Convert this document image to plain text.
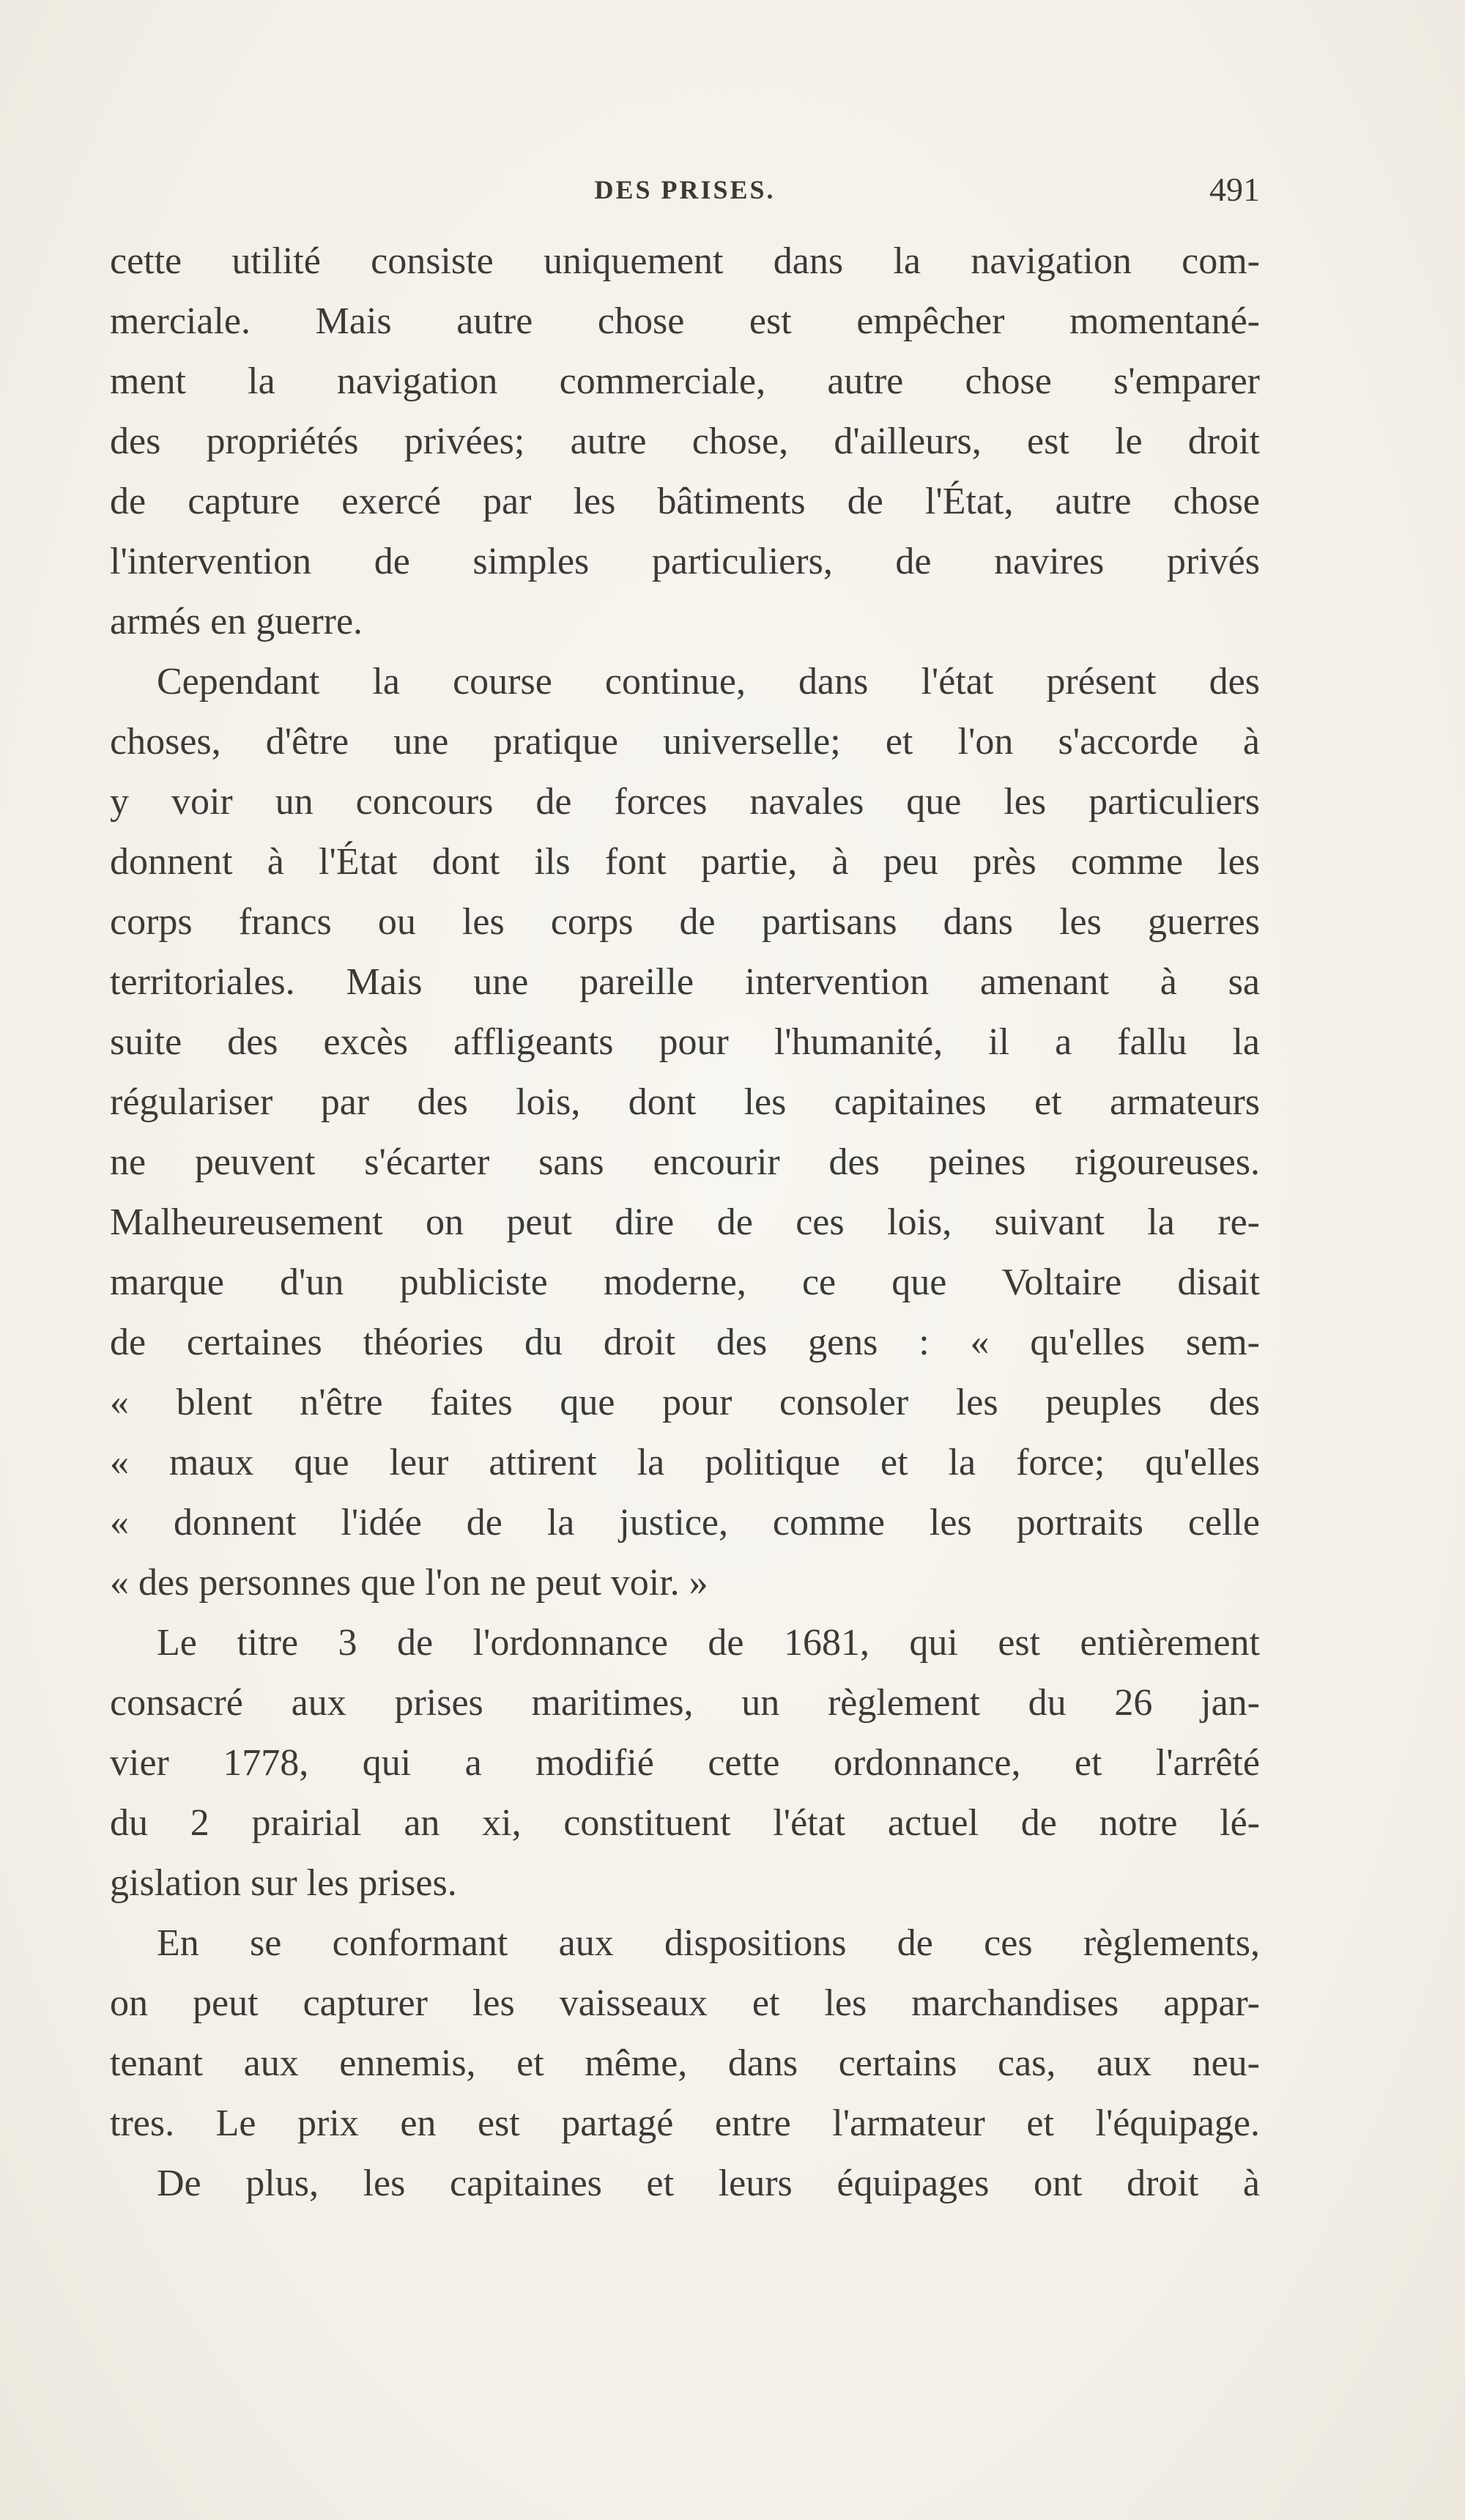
DES PRISES.	491
cette utilité consiste uniquement dans la navigation com-
merciale. Mais autre chose est empêcher momentané-
ment la navigation commerciale, autre chose s'emparer
des propriétés privées; autre chose, d'ailleurs, est le droit
de capture exercé par les bâtiments de l'État, autre chose
l'intervention de simples particuliers, de navires privés
armés en guerre.
Cependant la course continue, dans l'état présent des
choses, d'être une pratique universelle; et l'on s'accorde à
y voir un concours de forces navales que les particuliers
donnent à l'État dont ils font partie, à peu près comme les
corps francs ou les corps de partisans dans les guerres
territoriales. Mais une pareille intervention amenant à sa
suite des excès affligeants pour l'humanité, il a fallu la
régulariser par des lois, dont les capitaines et armateurs
ne peuvent s'écarter sans encourir des peines rigoureuses.
Malheureusement on peut dire de ces lois, suivant la re-
marque d'un publiciste moderne, ce que Voltaire disait
de certaines théories du droit des gens : « qu'elles sem-
« blent n'être faites que pour consoler les peuples des
« maux que leur attirent la politique et la force; qu'elles
« donnent l'idée de la justice, comme les portraits celle
« des personnes que l'on ne peut voir. »
Le titre 3 de l'ordonnance de 1681, qui est entièrement
consacré aux prises maritimes, un règlement du 26 jan-
vier 1778, qui a modifié cette ordonnance, et l'arrêté
du 2 prairial an xi, constituent l'état actuel de notre lé-
gislation sur les prises.
En se conformant aux dispositions de ces règlements,
on peut capturer les vaisseaux et les marchandises appar-
tenant aux ennemis, et même, dans certains cas, aux neu-
tres. Le prix en est partagé entre l'armateur et l'équipage.
De plus, les capitaines et leurs équipages ont droit à
